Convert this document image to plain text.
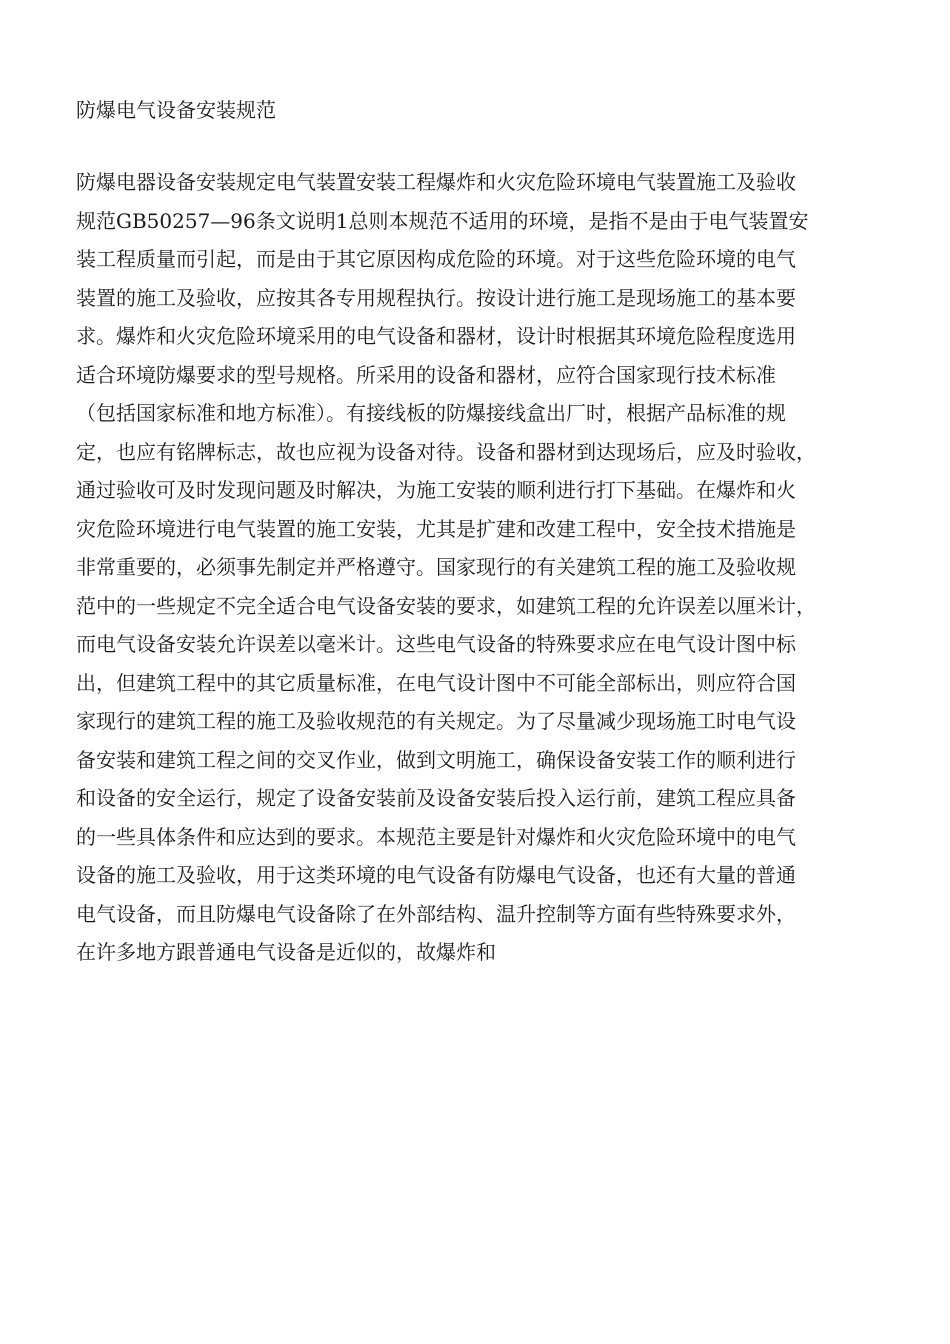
防爆电气设备安装规范
防爆电器设备安装规定电气装置安装工程爆炸和火灾危险环境电气装置施工及验收
规范GB50257—96条文说明1总则本规范不适用的环境，是指不是由于电气装置安
装工程质量而引起，而是由于其它原因构成危险的环境。对于这些危险环境的电气
装置的施工及验收，应按其各专用规程执行。按设计进行施工是现场施工的基本要
求。爆炸和火灾危险环境采用的电气设备和器材，设计时根据其环境危险程度选用
适合环境防爆要求的型号规格。所采用的设备和器材，应符合国家现行技术标准
（包括国家标准和地方标准）。有接线板的防爆接线盒出厂时，根据产品标准的规
定，也应有铭牌标志，故也应视为设备对待。设备和器材到达现场后，应及时验收，
通过验收可及时发现问题及时解决，为施工安装的顺利进行打下基础。在爆炸和火
灾危险环境进行电气装置的施工安装，尤其是扩建和改建工程中，安全技术措施是
非常重要的，必须事先制定并严格遵守。国家现行的有关建筑工程的施工及验收规
范中的一些规定不完全适合电气设备安装的要求，如建筑工程的允许误差以厘米计，
而电气设备安装允许误差以毫米计。这些电气设备的特殊要求应在电气设计图中标
出，但建筑工程中的其它质量标准，在电气设计图中不可能全部标出，则应符合国
家现行的建筑工程的施工及验收规范的有关规定。为了尽量减少现场施工时电气设
备安装和建筑工程之间的交叉作业，做到文明施工，确保设备安装工作的顺利进行
和设备的安全运行，规定了设备安装前及设备安装后投入运行前，建筑工程应具备
的一些具体条件和应达到的要求。本规范主要是针对爆炸和火灾危险环境中的电气
设备的施工及验收，用于这类环境的电气设备有防爆电气设备，也还有大量的普通
电气设备，而且防爆电气设备除了在外部结构、温升控制等方面有些特殊要求外，
在许多地方跟普通电气设备是近似的，故爆炸和
